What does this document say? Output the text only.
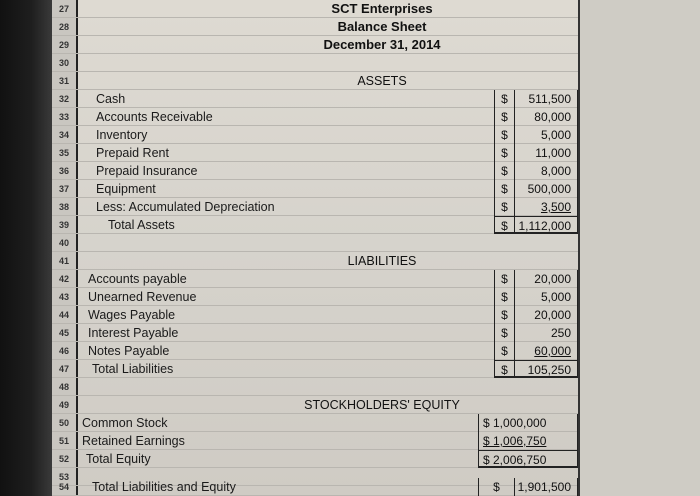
27	SCT Enterprises
28	Balance Sheet
29	December 31, 2014
30
31	ASSETS
32	Cash	$	511,500
33	Accounts Receivable	$	80,000
34	Inventory	$	5,000
35	Prepaid Rent	$	11,000
36	Prepaid Insurance	$	8,000
37	Equipment	$	500,000
38	Less: Accumulated Depreciation	$	3,500
39	Total Assets	$ 1,112,000
40
41	LIABILITIES
42	Accounts payable	$	20,000
43	Unearned Revenue	$	5,000
44	Wages Payable	$	20,000
45	Interest Payable	$	250
46	Notes Payable	$	60,000
47	Total Liabilities	$	105,250
48
49	STOCKHOLDERS' EQUITY
50	Common Stock	$ 1,000,000
51	Retained Earnings	$ 1,006,750
52	Total Equity	$ 2,006,750
53
54	Total Liabilities and Equity	$	1,901,500
